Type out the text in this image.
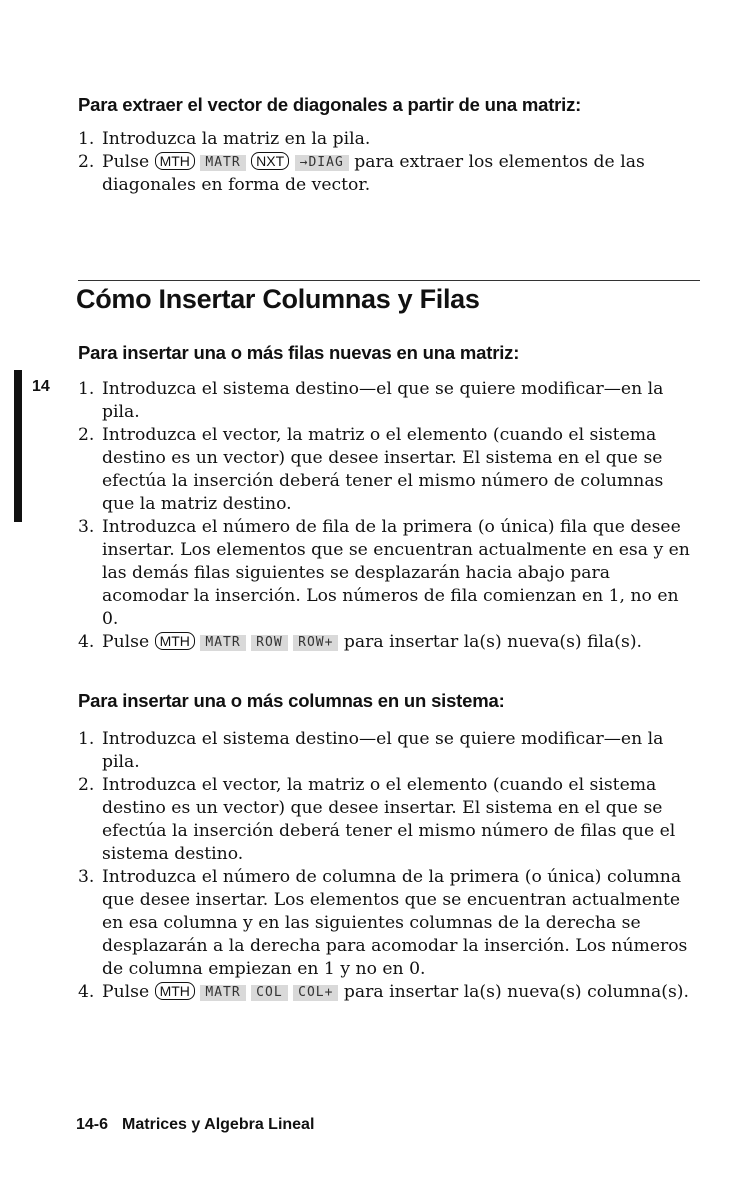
Para extraer el vector de diagonales a partir de una matriz:
1. Introduzca la matriz en la pila.
2. Pulse MTH MATR NXT →DIAG para extraer los elementos de las diagonales en forma de vector.
Cómo Insertar Columnas y Filas
14
Para insertar una o más filas nuevas en una matriz:
1. Introduzca el sistema destino—el que se quiere modificar—en la pila.
2. Introduzca el vector, la matriz o el elemento (cuando el sistema destino es un vector) que desee insertar. El sistema en el que se efectúa la inserción deberá tener el mismo número de columnas que la matriz destino.
3. Introduzca el número de fila de la primera (o única) fila que desee insertar. Los elementos que se encuentran actualmente en esa y en las demás filas siguientes se desplazarán hacia abajo para acomodar la inserción. Los números de fila comienzan en 1, no en 0.
4. Pulse MTH MATR ROW ROW+ para insertar la(s) nueva(s) fila(s).
Para insertar una o más columnas en un sistema:
1. Introduzca el sistema destino—el que se quiere modificar—en la pila.
2. Introduzca el vector, la matriz o el elemento (cuando el sistema destino es un vector) que desee insertar. El sistema en el que se efectúa la inserción deberá tener el mismo número de filas que el sistema destino.
3. Introduzca el número de columna de la primera (o única) columna que desee insertar. Los elementos que se encuentran actualmente en esa columna y en las siguientes columnas de la derecha se desplazarán a la derecha para acomodar la inserción. Los números de columna empiezan en 1 y no en 0.
4. Pulse MTH MATR COL COL+ para insertar la(s) nueva(s) columna(s).
14-6 Matrices y Algebra Lineal
